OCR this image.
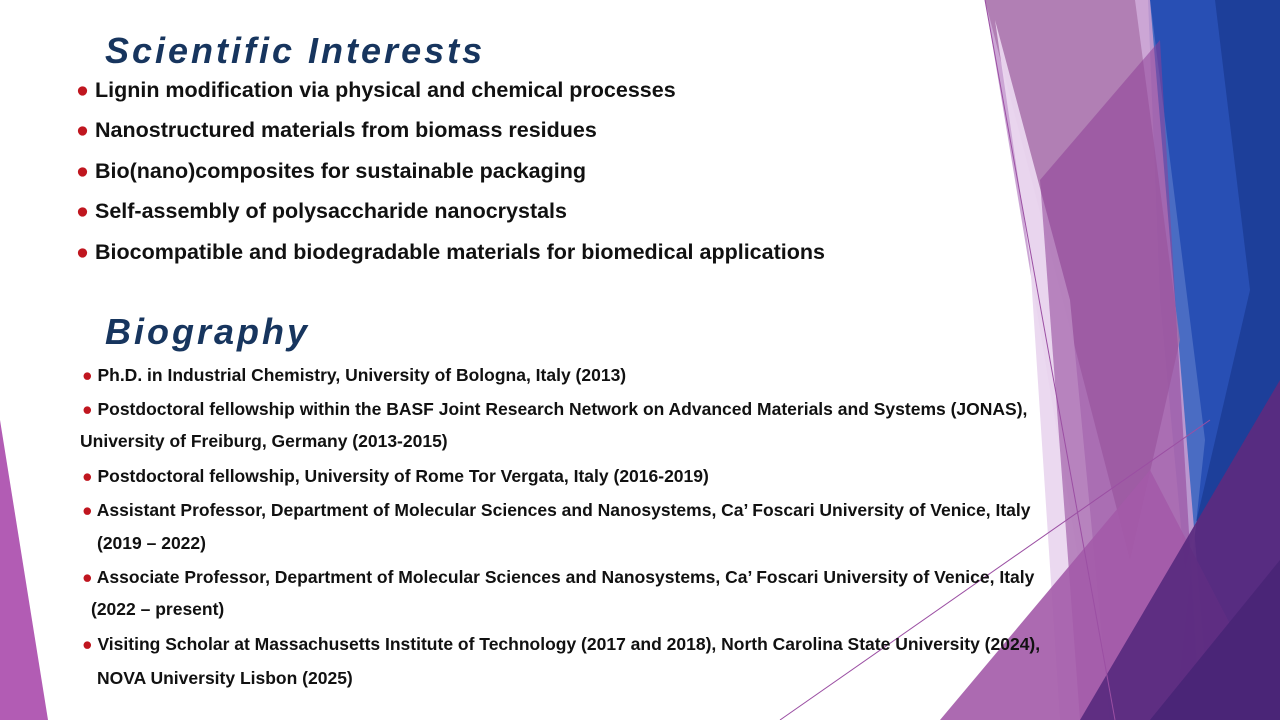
Scientific Interests
● Lignin modification via physical and chemical processes
● Nanostructured materials from biomass residues
● Bio(nano)composites for sustainable packaging
● Self-assembly of polysaccharide nanocrystals
● Biocompatible and biodegradable materials for biomedical applications
Biography
● Ph.D. in Industrial Chemistry, University of Bologna, Italy (2013)
● Postdoctoral fellowship within the BASF Joint Research Network on Advanced Materials and Systems (JONAS),
University of Freiburg, Germany (2013-2015)
● Postdoctoral fellowship, University of Rome Tor Vergata, Italy (2016-2019)
● Assistant Professor, Department of Molecular Sciences and Nanosystems, Ca’ Foscari University of Venice, Italy
(2019 – 2022)
● Associate Professor, Department of Molecular Sciences and Nanosystems, Ca’ Foscari University of Venice, Italy
(2022 – present)
● Visiting Scholar at Massachusetts Institute of Technology (2017 and 2018), North Carolina State University (2024),
NOVA University Lisbon (2025)
